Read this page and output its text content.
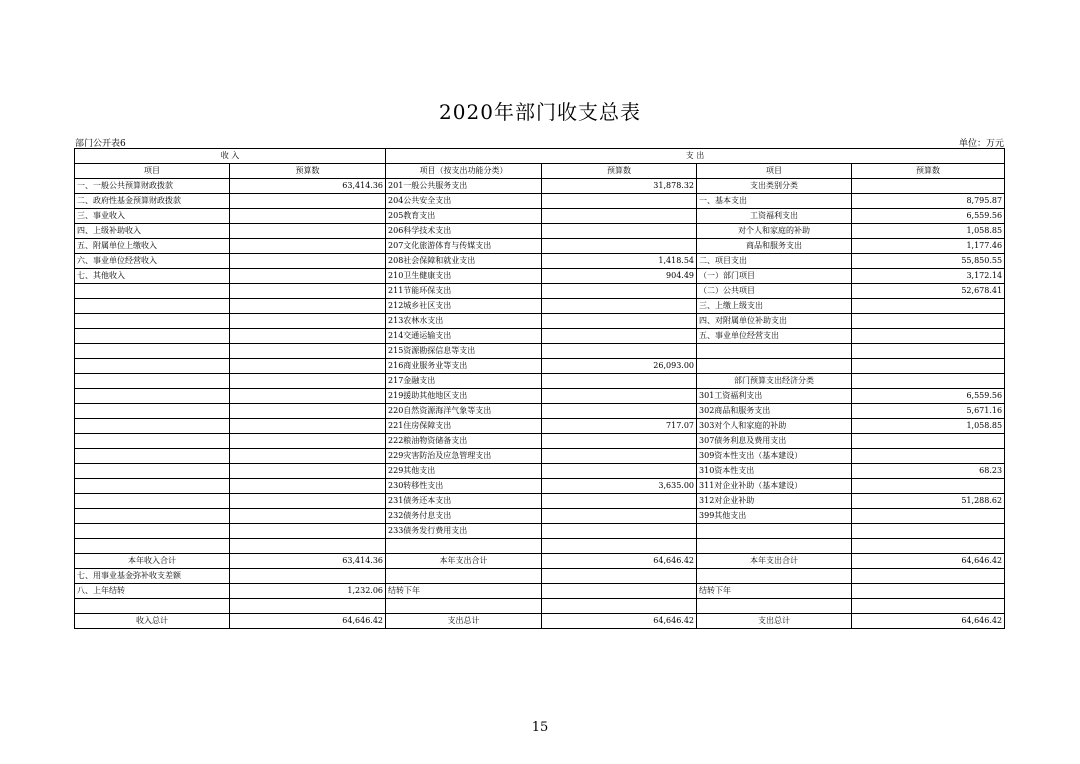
2020年部门收支总表
部门公开表6	单位：万元
收 入		支 出			
项目	预算数	项目（按支出功能分类）	预算数	项目	预算数
一、一般公共预算财政拨款	63,414.36	201一般公共服务支出	31,878.32	支出类别分类	
二、政府性基金预算财政拨款		204公共安全支出		一、基本支出	8,795.87
三、事业收入		205教育支出		工资福利支出	6,559.56
四、上级补助收入		206科学技术支出		对个人和家庭的补助	1,058.85
五、附属单位上缴收入		207文化旅游体育与传媒支出		商品和服务支出	1,177.46
六、事业单位经营收入		208社会保障和就业支出	1,418.54	二、项目支出	55,850.55
七、其他收入		210卫生健康支出	904.49	（一）部门项目	3,172.14
		211节能环保支出		（二）公共项目	52,678.41
		212城乡社区支出		三、上缴上级支出	
		213农林水支出		四、对附属单位补助支出	
		214交通运输支出		五、事业单位经营支出	
		215资源勘探信息等支出			
		216商业服务业等支出	26,093.00		
		217金融支出		部门预算支出经济分类	
		219援助其他地区支出		301工资福利支出	6,559.56
		220自然资源海洋气象等支出		302商品和服务支出	5,671.16
		221住房保障支出	717.07	303对个人和家庭的补助	1,058.85
		222粮油物资储备支出		307债务利息及费用支出	
		229灾害防治及应急管理支出		309资本性支出（基本建设）	
		229其他支出		310资本性支出	68.23
		230转移性支出	3,635.00	311对企业补助（基本建设）	
		231债务还本支出		312对企业补助	51,288.62
		232债务付息支出		399其他支出	
		233债务发行费用支出			

本年收入合计	63,414.36	本年支出合计	64,646.42	本年支出合计	64,646.42
七、用事业基金弥补收支差额					
八、上年结转	1,232.06	结转下年		结转下年	

收入总计	64,646.42	支出总计	64,646.42	支出总计	64,646.42
15
